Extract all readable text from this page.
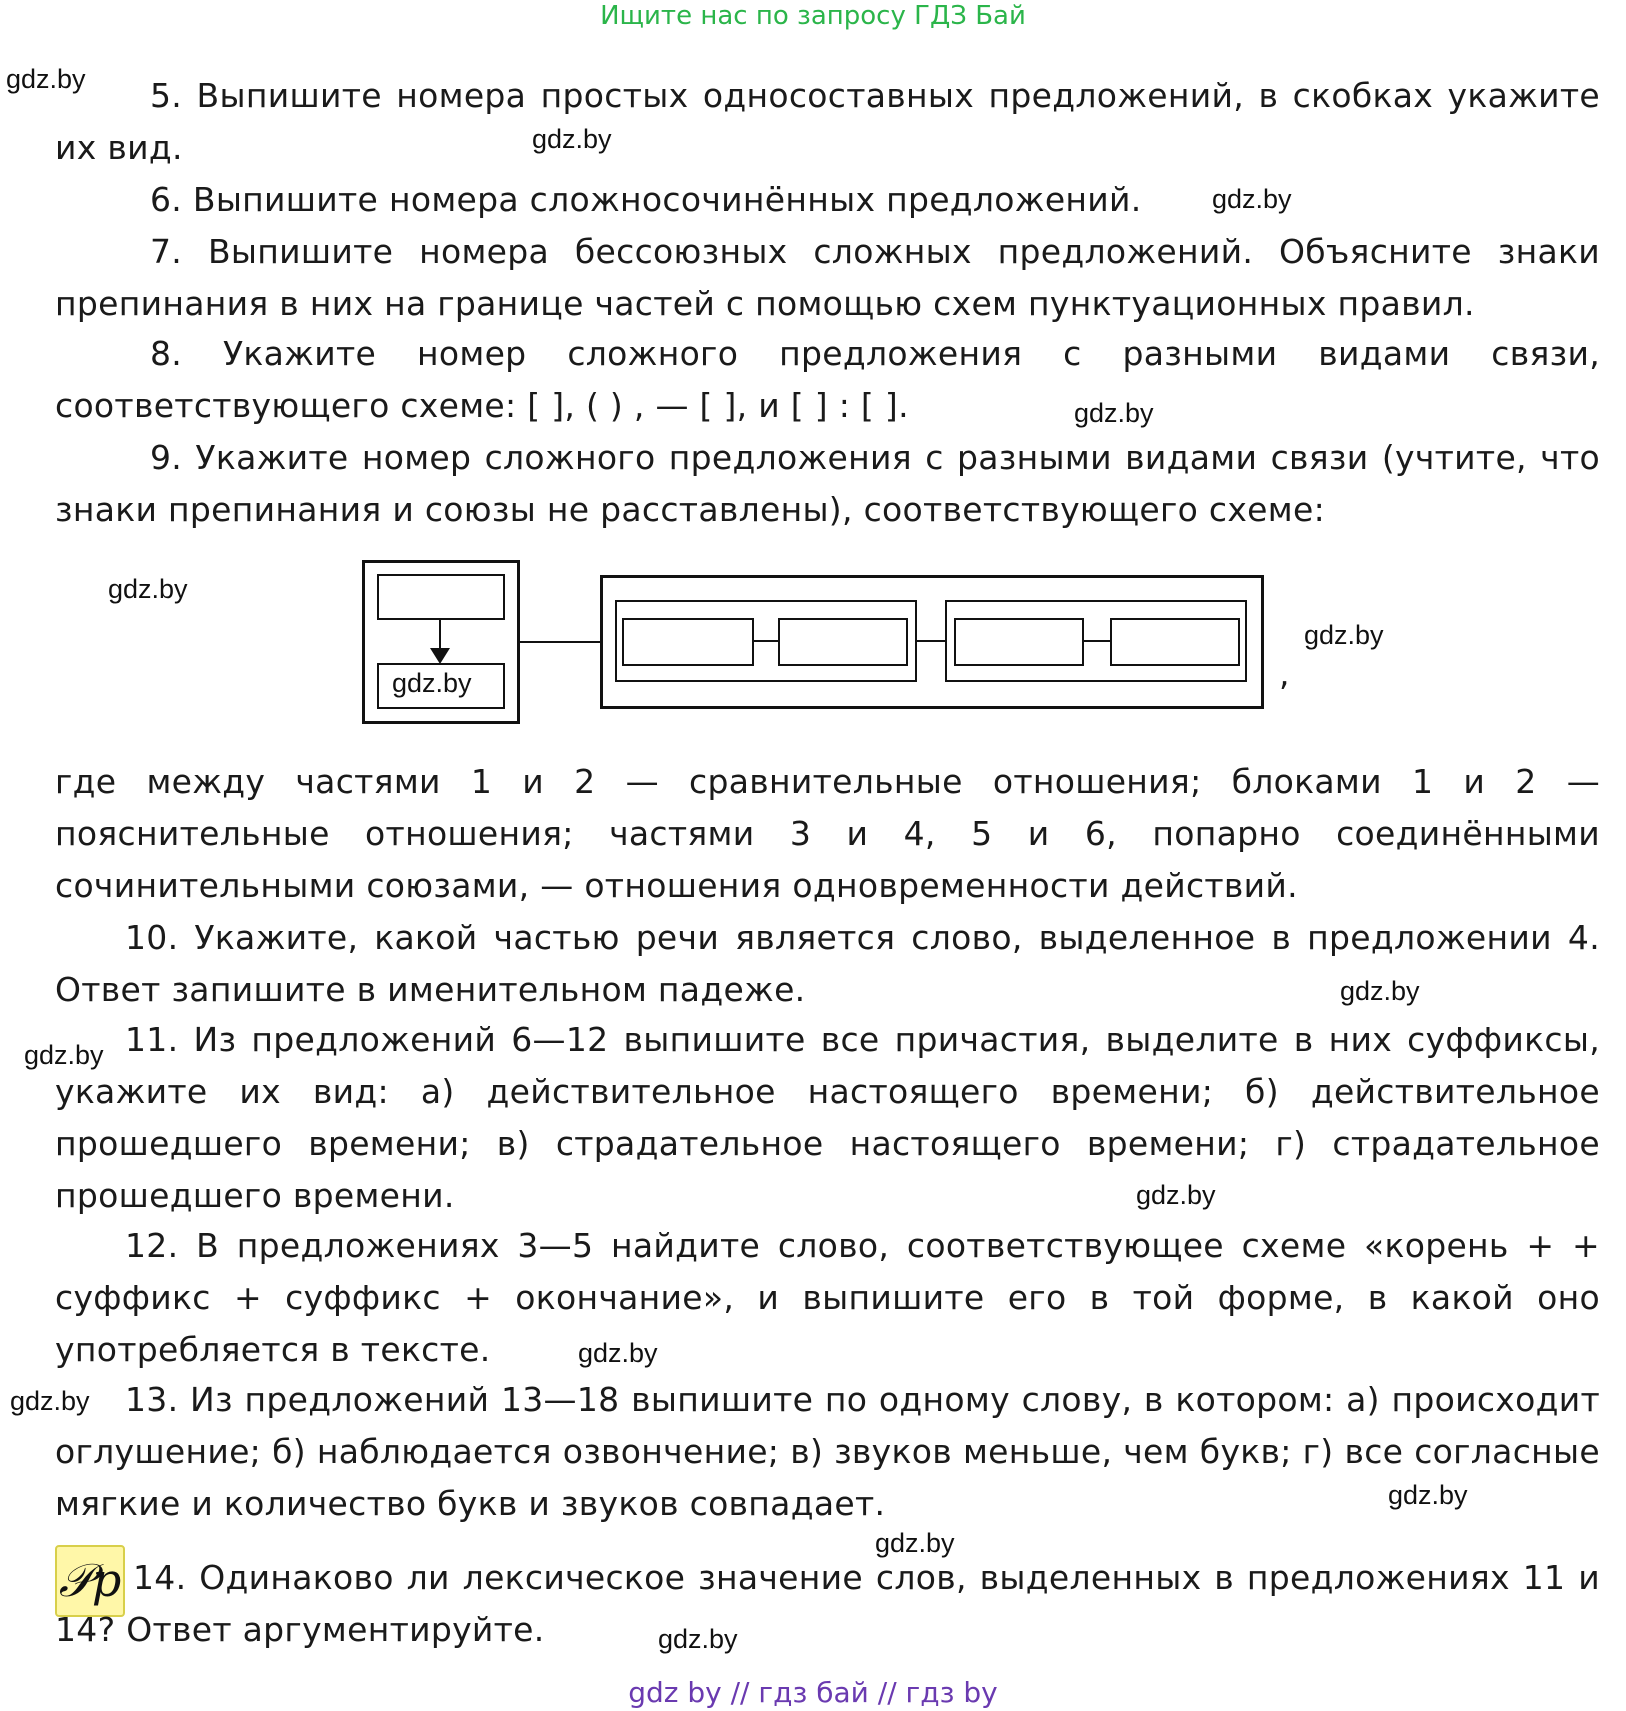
Ищите нас по запросу ГДЗ Бай
5. Выпишите номера простых односоставных предложений, в скобках укажите их вид.
6. Выпишите номера сложносочинённых предложений.
7. Выпишите номера бессоюзных сложных предложений. Объясните знаки препинания в них на границе частей с помощью схем пунктуационных правил.
8. Укажите номер сложного предложения с разными видами связи, соответствующего схеме: [ ], ( ) , — [ ], и [ ] : [ ].
9. Укажите номер сложного предложения с разными видами связи (учтите, что знаки препинания и союзы не расставлены), соответствующего схеме:
,
где между частями 1 и 2 — сравнительные отношения; блоками 1 и 2 — пояснительные отношения; частями 3 и 4, 5 и 6, попарно соединёнными сочинительными союзами, — отношения одновременности действий.
10. Укажите, какой частью речи является слово, выделенное в предложении 4. Ответ запишите в именительном падеже.
11. Из предложений 6—12 выпишите все причастия, выделите в них суффиксы, укажите их вид: а) действительное настоящего времени; б) действительное прошедшего времени; в) страдательное настоящего времени; г) страдательное прошедшего времени.
12. В предложениях 3—5 найдите слово, соответствующее схеме «корень + + суффикс + суффикс + окончание», и выпишите его в той форме, в какой оно употребляется в тексте.
13. Из предложений 13—18 выпишите по одному слову, в котором: а) происходит оглушение; б) наблюдается озвончение; в) звуков меньше, чем букв; г) все согласные мягкие и количество букв и звуков совпадает.
𝒫p 14. Одинаково ли лексическое значение слов, выделенных в предложениях 11 и 14? Ответ аргументируйте.
gdz.by
gdz.by
gdz.by
gdz.by
gdz.by
gdz.by
gdz.by
gdz.by
gdz.by
gdz.by
gdz.by
gdz.by
gdz.by
gdz.by
gdz.by
gdz by // гдз бай // гдз by
